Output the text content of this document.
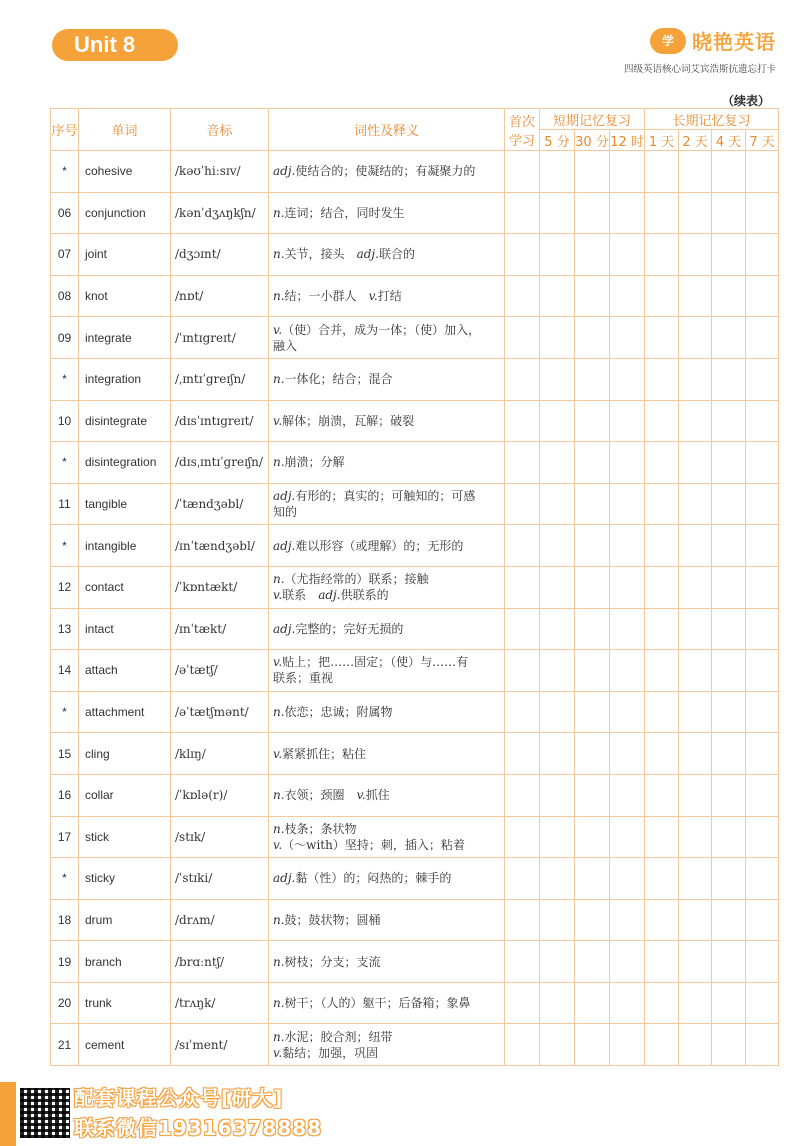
Unit 8	学 晓艳英语
四级英语核心词艾宾浩斯抗遗忘打卡
（续表）
序号	单词	音标	词性及释义	首次学习	短期记忆复习			长期记忆复习			
					5 分	30 分	12 时	1 天	2 天	4 天	7 天
*	cohesive	/kəʊˈhiːsɪv/	adj.使结合的；使凝结的；有凝聚力的								

06	conjunction	/kənˈdʒʌŋkʃn/	n.连词；结合，同时发生								

07	joint	/dʒɔɪnt/	n.关节，接头　adj.联合的								

08	knot	/nɒt/	n.结；一小群人　v.打结								

09	integrate	/ˈɪntɪgreɪt/	v.（使）合并，成为一体；（使）加入，
融入								

*	integration	/ˌɪntɪˈgreɪʃn/	n.一体化；结合；混合								

10	disintegrate	/dɪsˈɪntɪgreɪt/	v.解体；崩溃，瓦解；破裂								

*	disintegration	/dɪsˌɪntɪˈgreɪʃn/	n.崩溃；分解								

11	tangible	/ˈtændʒəbl/	adj.有形的；真实的；可触知的；可感
知的								

*	intangible	/ɪnˈtændʒəbl/	adj.难以形容（或理解）的；无形的								

12	contact	/ˈkɒntækt/	n.（尤指经常的）联系；接触
v.联系　adj.供联系的								

13	intact	/ɪnˈtækt/	adj.完整的；完好无损的								

14	attach	/əˈtætʃ/	v.贴上；把……固定；（使）与……有
联系；重视								

*	attachment	/əˈtætʃmənt/	n.依恋；忠诚；附属物								

15	cling	/klɪŋ/	v.紧紧抓住；粘住								

16	collar	/ˈkɒlə(r)/	n.衣领；颈圈　v.抓住								

17	stick	/stɪk/	n.枝条；条状物
v.（～with）坚持；刺，插入；粘着								

*	sticky	/ˈstɪki/	adj.黏（性）的；闷热的；棘手的								

18	drum	/drʌm/	n.鼓；鼓状物；圆桶								

19	branch	/brɑːntʃ/	n.树枝；分支；支流								

20	trunk	/trʌŋk/	n.树干；（人的）躯干；后备箱；象鼻								

21	cement	/sɪˈment/	n.水泥；胶合剂；纽带
v.黏结；加强，巩固								

配套课程公众号[研大]
联系微信19316378888
